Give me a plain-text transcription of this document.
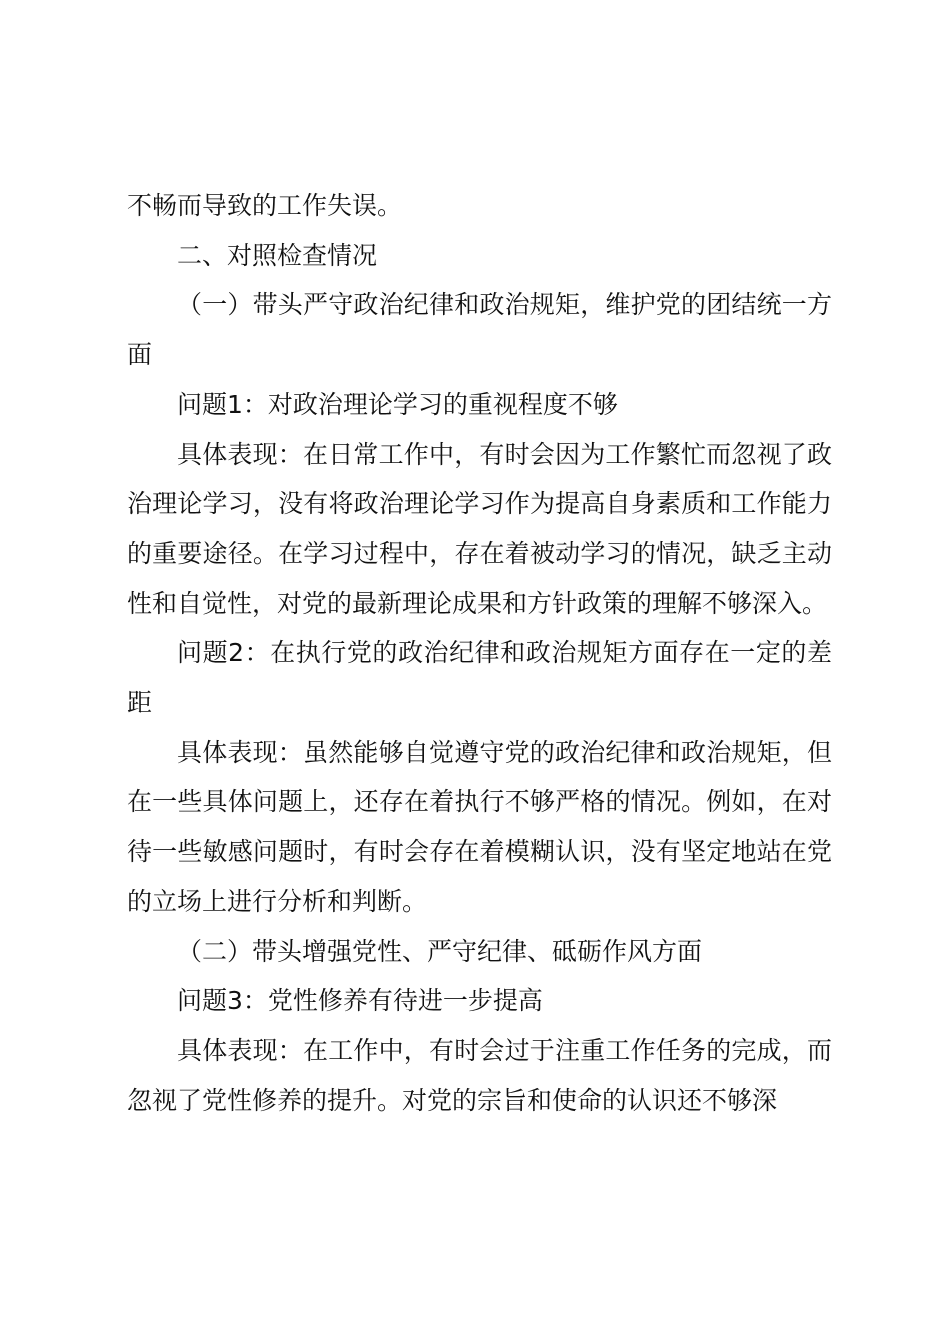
不畅而导致的工作失误。

二、对照检查情况

（一）带头严守政治纪律和政治规矩，维护党的团结统一方面

问题1：对政治理论学习的重视程度不够

具体表现：在日常工作中，有时会因为工作繁忙而忽视了政治理论学习，没有将政治理论学习作为提高自身素质和工作能力的重要途径。在学习过程中，存在着被动学习的情况，缺乏主动性和自觉性，对党的最新理论成果和方针政策的理解不够深入。

问题2：在执行党的政治纪律和政治规矩方面存在一定的差距

具体表现：虽然能够自觉遵守党的政治纪律和政治规矩，但在一些具体问题上，还存在着执行不够严格的情况。例如，在对待一些敏感问题时，有时会存在着模糊认识，没有坚定地站在党的立场上进行分析和判断。

（二）带头增强党性、严守纪律、砥砺作风方面

问题3：党性修养有待进一步提高

具体表现：在工作中，有时会过于注重工作任务的完成，而忽视了党性修养的提升。对党的宗旨和使命的认识还不够深
